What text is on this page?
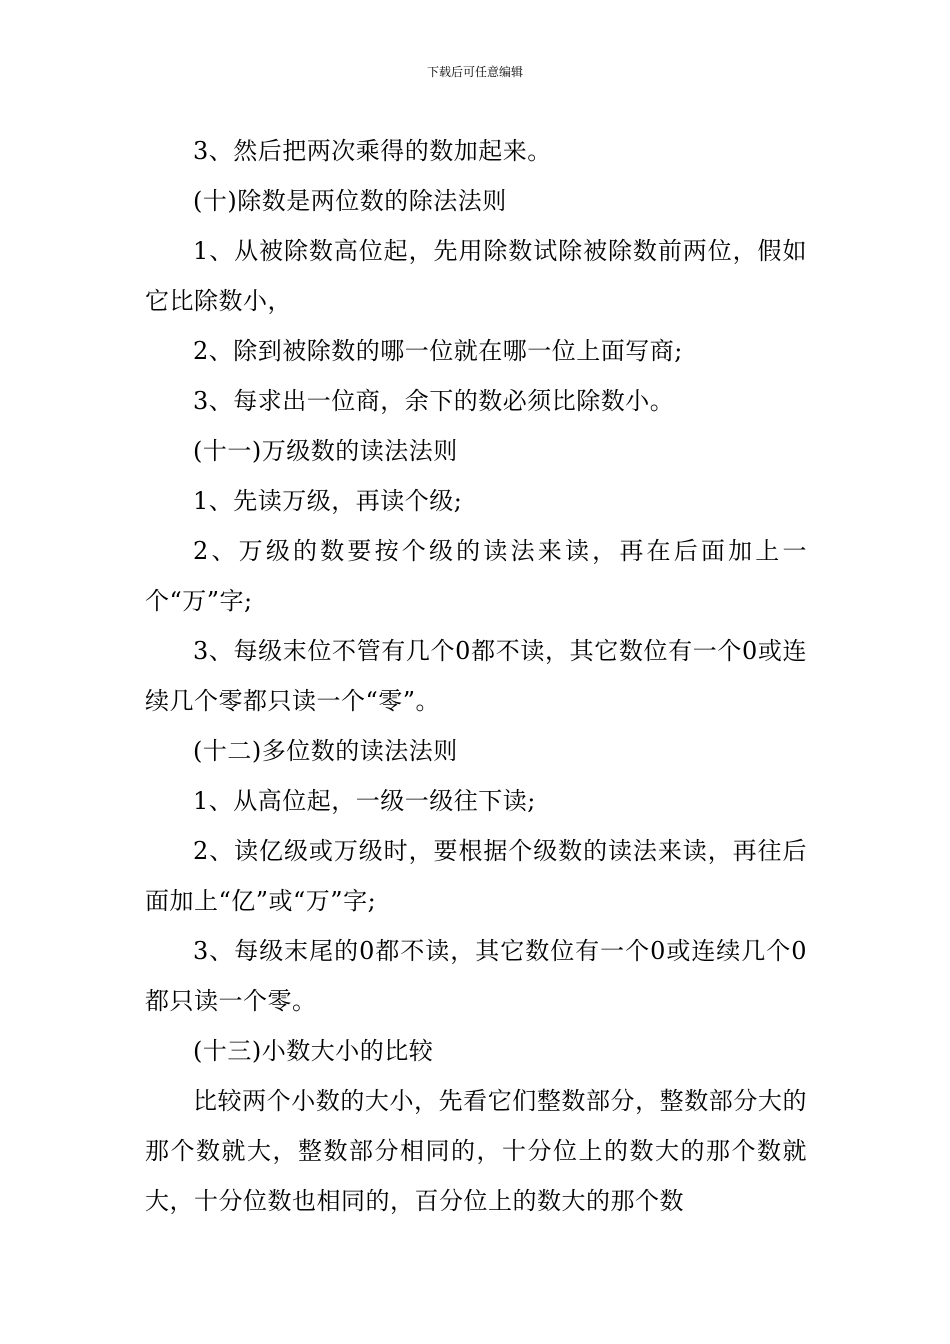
下载后可任意编辑

3、然后把两次乘得的数加起来。

(十)除数是两位数的除法法则

1、从被除数高位起，先用除数试除被除数前两位，假如它比除数小，

2、除到被除数的哪一位就在哪一位上面写商;

3、每求出一位商，余下的数必须比除数小。

(十一)万级数的读法法则

1、先读万级，再读个级;

2、万级的数要按个级的读法来读，再在后面加上一个“万”字;

3、每级末位不管有几个0都不读，其它数位有一个0或连续几个零都只读一个“零”。

(十二)多位数的读法法则

1、从高位起，一级一级往下读;

2、读亿级或万级时，要根据个级数的读法来读，再往后面加上“亿”或“万”字;

3、每级末尾的0都不读，其它数位有一个0或连续几个0都只读一个零。

(十三)小数大小的比较

比较两个小数的大小，先看它们整数部分，整数部分大的那个数就大，整数部分相同的，十分位上的数大的那个数就大，十分位数也相同的，百分位上的数大的那个数
